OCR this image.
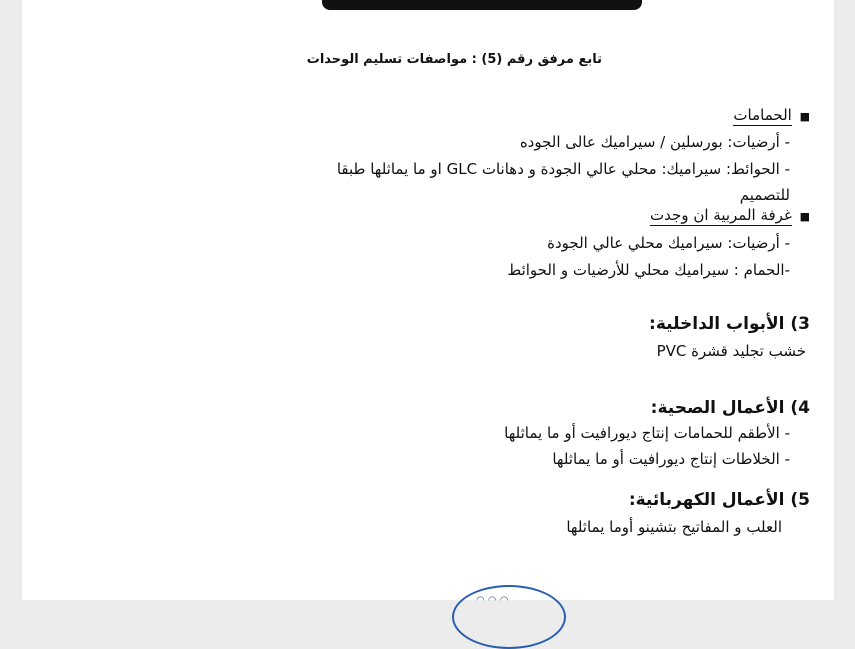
تابع مرفق رقم (5) : مواصفات تسليم الوحدات
■ الحمامات
- أرضيات: بورسلين / سيراميك عالى الجوده
- الحوائط: سيراميك: محلي عالي الجودة و دهانات GLC او ما يماثلها طبقا
للتصميم
■ غرفة المربية ان وجدت
- أرضيات: سيراميك محلي عالي الجودة
-الحمام : سيراميك محلي للأرضيات و الحوائط
3) الأبواب الداخلية:
خشب تجليد قشرة PVC
4) الأعمال الصحية:
- الأطقم للحمامات إنتاج ديورافيت أو ما يماثلها
- الخلاطات إنتاج ديورافيت أو ما يماثلها
5) الأعمال الكهربائية:
العلب و المفاتيح بتشينو أوما يماثلها
◠ ◠ ◠
